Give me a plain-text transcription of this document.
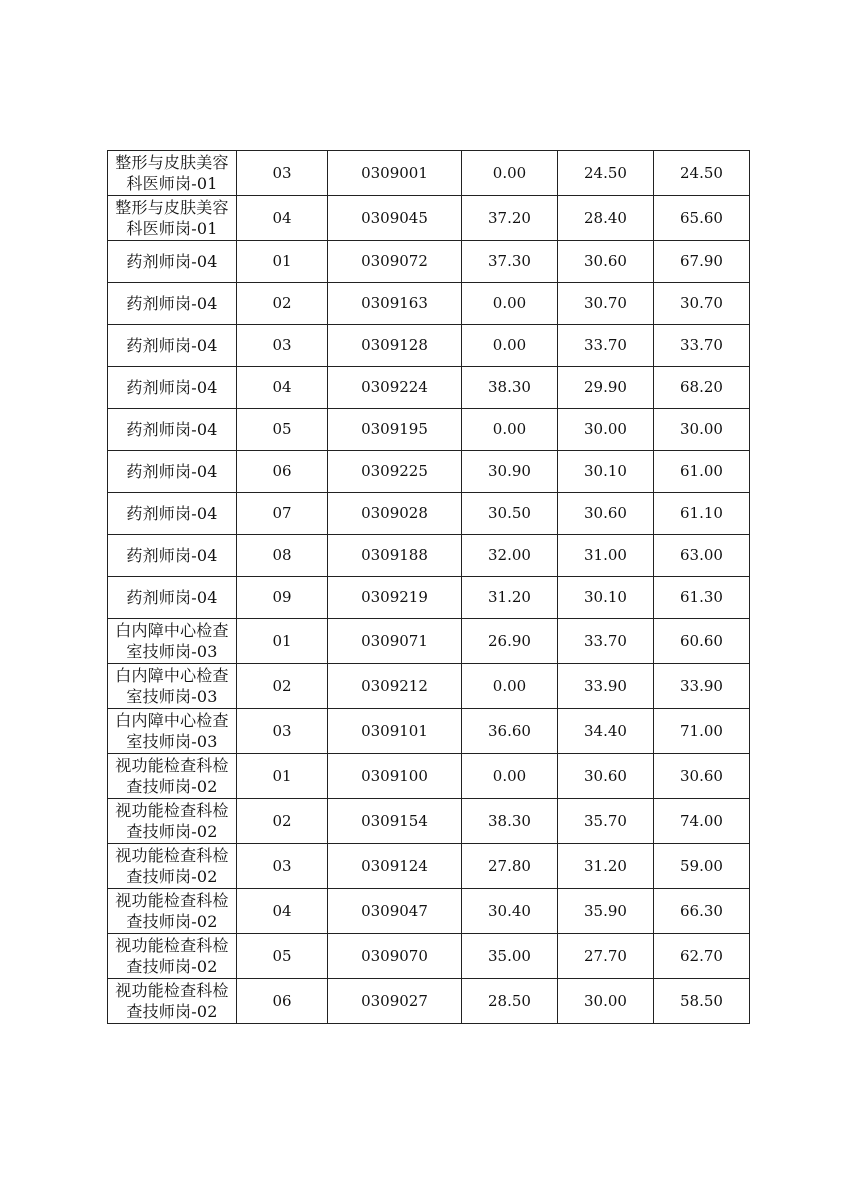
整形与皮肤美容科医师岗-01	03	0309001	0.00	24.50	24.50
整形与皮肤美容科医师岗-01	04	0309045	37.20	28.40	65.60
药剂师岗-04	01	0309072	37.30	30.60	67.90
药剂师岗-04	02	0309163	0.00	30.70	30.70
药剂师岗-04	03	0309128	0.00	33.70	33.70
药剂师岗-04	04	0309224	38.30	29.90	68.20
药剂师岗-04	05	0309195	0.00	30.00	30.00
药剂师岗-04	06	0309225	30.90	30.10	61.00
药剂师岗-04	07	0309028	30.50	30.60	61.10
药剂师岗-04	08	0309188	32.00	31.00	63.00
药剂师岗-04	09	0309219	31.20	30.10	61.30
白内障中心检查室技师岗-03	01	0309071	26.90	33.70	60.60
白内障中心检查室技师岗-03	02	0309212	0.00	33.90	33.90
白内障中心检查室技师岗-03	03	0309101	36.60	34.40	71.00
视功能检查科检查技师岗-02	01	0309100	0.00	30.60	30.60
视功能检查科检查技师岗-02	02	0309154	38.30	35.70	74.00
视功能检查科检查技师岗-02	03	0309124	27.80	31.20	59.00
视功能检查科检查技师岗-02	04	0309047	30.40	35.90	66.30
视功能检查科检查技师岗-02	05	0309070	35.00	27.70	62.70
视功能检查科检查技师岗-02	06	0309027	28.50	30.00	58.50
